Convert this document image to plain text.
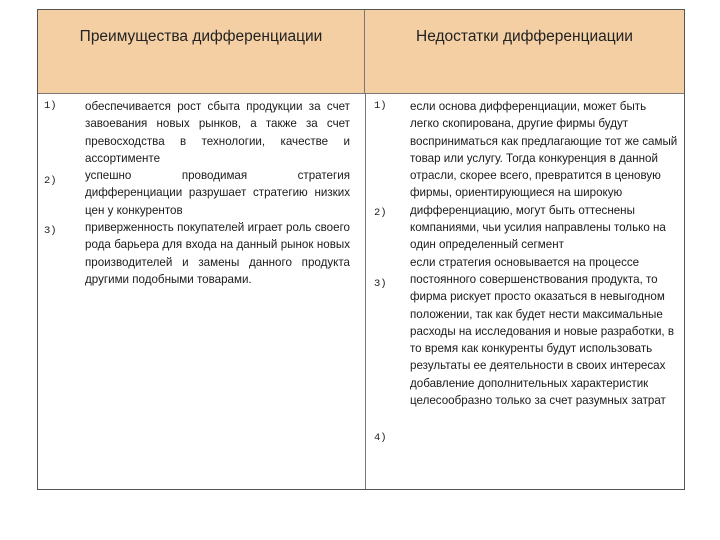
Преимущества дифференциации	Недостатки дифференциации
1)
2)
3)

обеспечивается рост сбыта продукции за счет завоевания новых рынков, а также за счет превосходства в технологии, качестве и ассортименте

успешно проводимая стратегия дифференциации разрушает стратегию низких цен у конкурентов

приверженность покупателей играет роль своего рода барьера для входа на данный рынок новых производителей и замены данного продукта другими подобными товарами.

1)
2)
3)
4)

если основа дифференциации, может быть легко скопирована, другие фирмы будут восприниматься как предлагающие тот же самый товар или услугу. Тогда конкуренция в данной отрасли, скорее всего, превратится в ценовую

фирмы, ориентирующиеся на широкую дифференциацию, могут быть оттеснены компаниями, чьи усилия направлены только на один определенный сегмент

если стратегия основывается на процессе постоянного совершенствования продукта, то фирма рискует просто оказаться в невыгодном положении, так как будет нести максимальные расходы на исследования и новые разработки, в то время как конкуренты будут использовать результаты ее деятельности в своих интересах

добавление дополнительных характеристик целесообразно только за счет разумных затрат
